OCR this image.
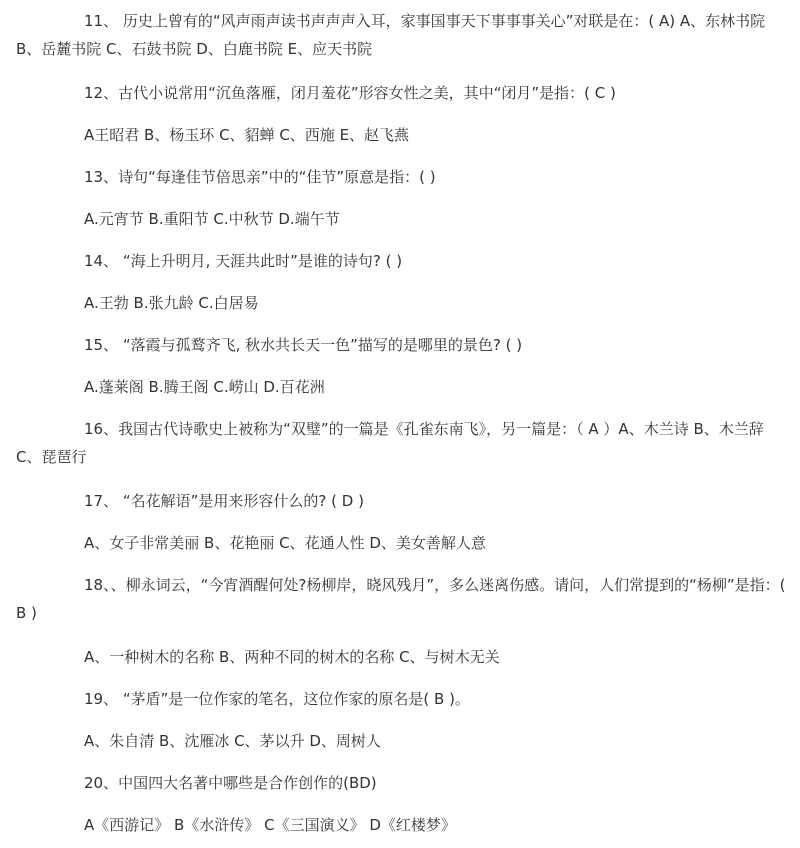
11、 历史上曾有的“风声雨声读书声声声入耳，家事国事天下事事事关心”对联是在：( A) A、东林书院 B、岳麓书院 C、石鼓书院 D、白鹿书院 E、应天书院

12、古代小说常用“沉鱼落雁，闭月羞花”形容女性之美，其中“闭月”是指：( C )

A王昭君 B、杨玉环 C、貂蝉 C、西施 E、赵飞燕

13、诗句“每逢佳节倍思亲”中的“佳节”原意是指：( )

A.元宵节 B.重阳节 C.中秋节 D.端午节

14、 “海上升明月, 天涯共此时”是谁的诗句? ( )

A.王勃 B.张九龄 C.白居易

15、 “落霞与孤鹜齐飞, 秋水共长天一色”描写的是哪里的景色? ( )

A.蓬莱阁 B.腾王阁 C.崂山 D.百花洲

16、我国古代诗歌史上被称为“双璧”的一篇是《孔雀东南飞》，另一篇是：（ A ）A、木兰诗 B、木兰辞 C、琵琶行

17、 “名花解语”是用来形容什么的? ( D )

A、女子非常美丽 B、花艳丽 C、花通人性 D、美女善解人意

18、、柳永词云，“今宵酒醒何处?杨柳岸，晓风残月”，多么迷离伤感。请问，人们常提到的“杨柳”是指：( B )

A、一种树木的名称 B、两种不同的树木的名称 C、与树木无关

19、 “茅盾”是一位作家的笔名，这位作家的原名是( B )。

A、朱自清 B、沈雁冰 C、茅以升 D、周树人

20、中国四大名著中哪些是合作创作的(BD)

A《西游记》 B《水浒传》 C《三国演义》 D《红楼梦》
